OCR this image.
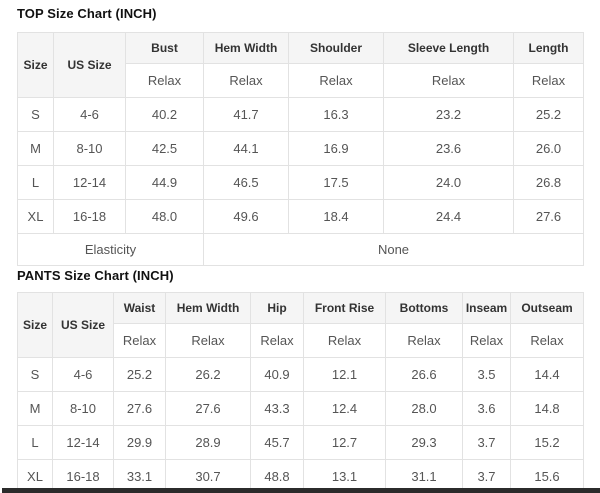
TOP Size Chart (INCH)
Size	US Size	Bust	Hem Width	Shoulder	Sleeve Length	Length
		Relax	Relax	Relax	Relax	Relax
S	4-6	40.2	41.7	16.3	23.2	25.2
M	8-10	42.5	44.1	16.9	23.6	26.0
L	12-14	44.9	46.5	17.5	24.0	26.8
XL	16-18	48.0	49.6	18.4	24.4	27.6
Elasticity			None			
PANTS Size Chart (INCH)
Size	US Size	Waist	Hem Width	Hip	Front Rise	Bottoms	Inseam	Outseam
		Relax	Relax	Relax	Relax	Relax	Relax	Relax
S	4-6	25.2	26.2	40.9	12.1	26.6	3.5	14.4
M	8-10	27.6	27.6	43.3	12.4	28.0	3.6	14.8
L	12-14	29.9	28.9	45.7	12.7	29.3	3.7	15.2
XL	16-18	33.1	30.7	48.8	13.1	31.1	3.7	15.6
